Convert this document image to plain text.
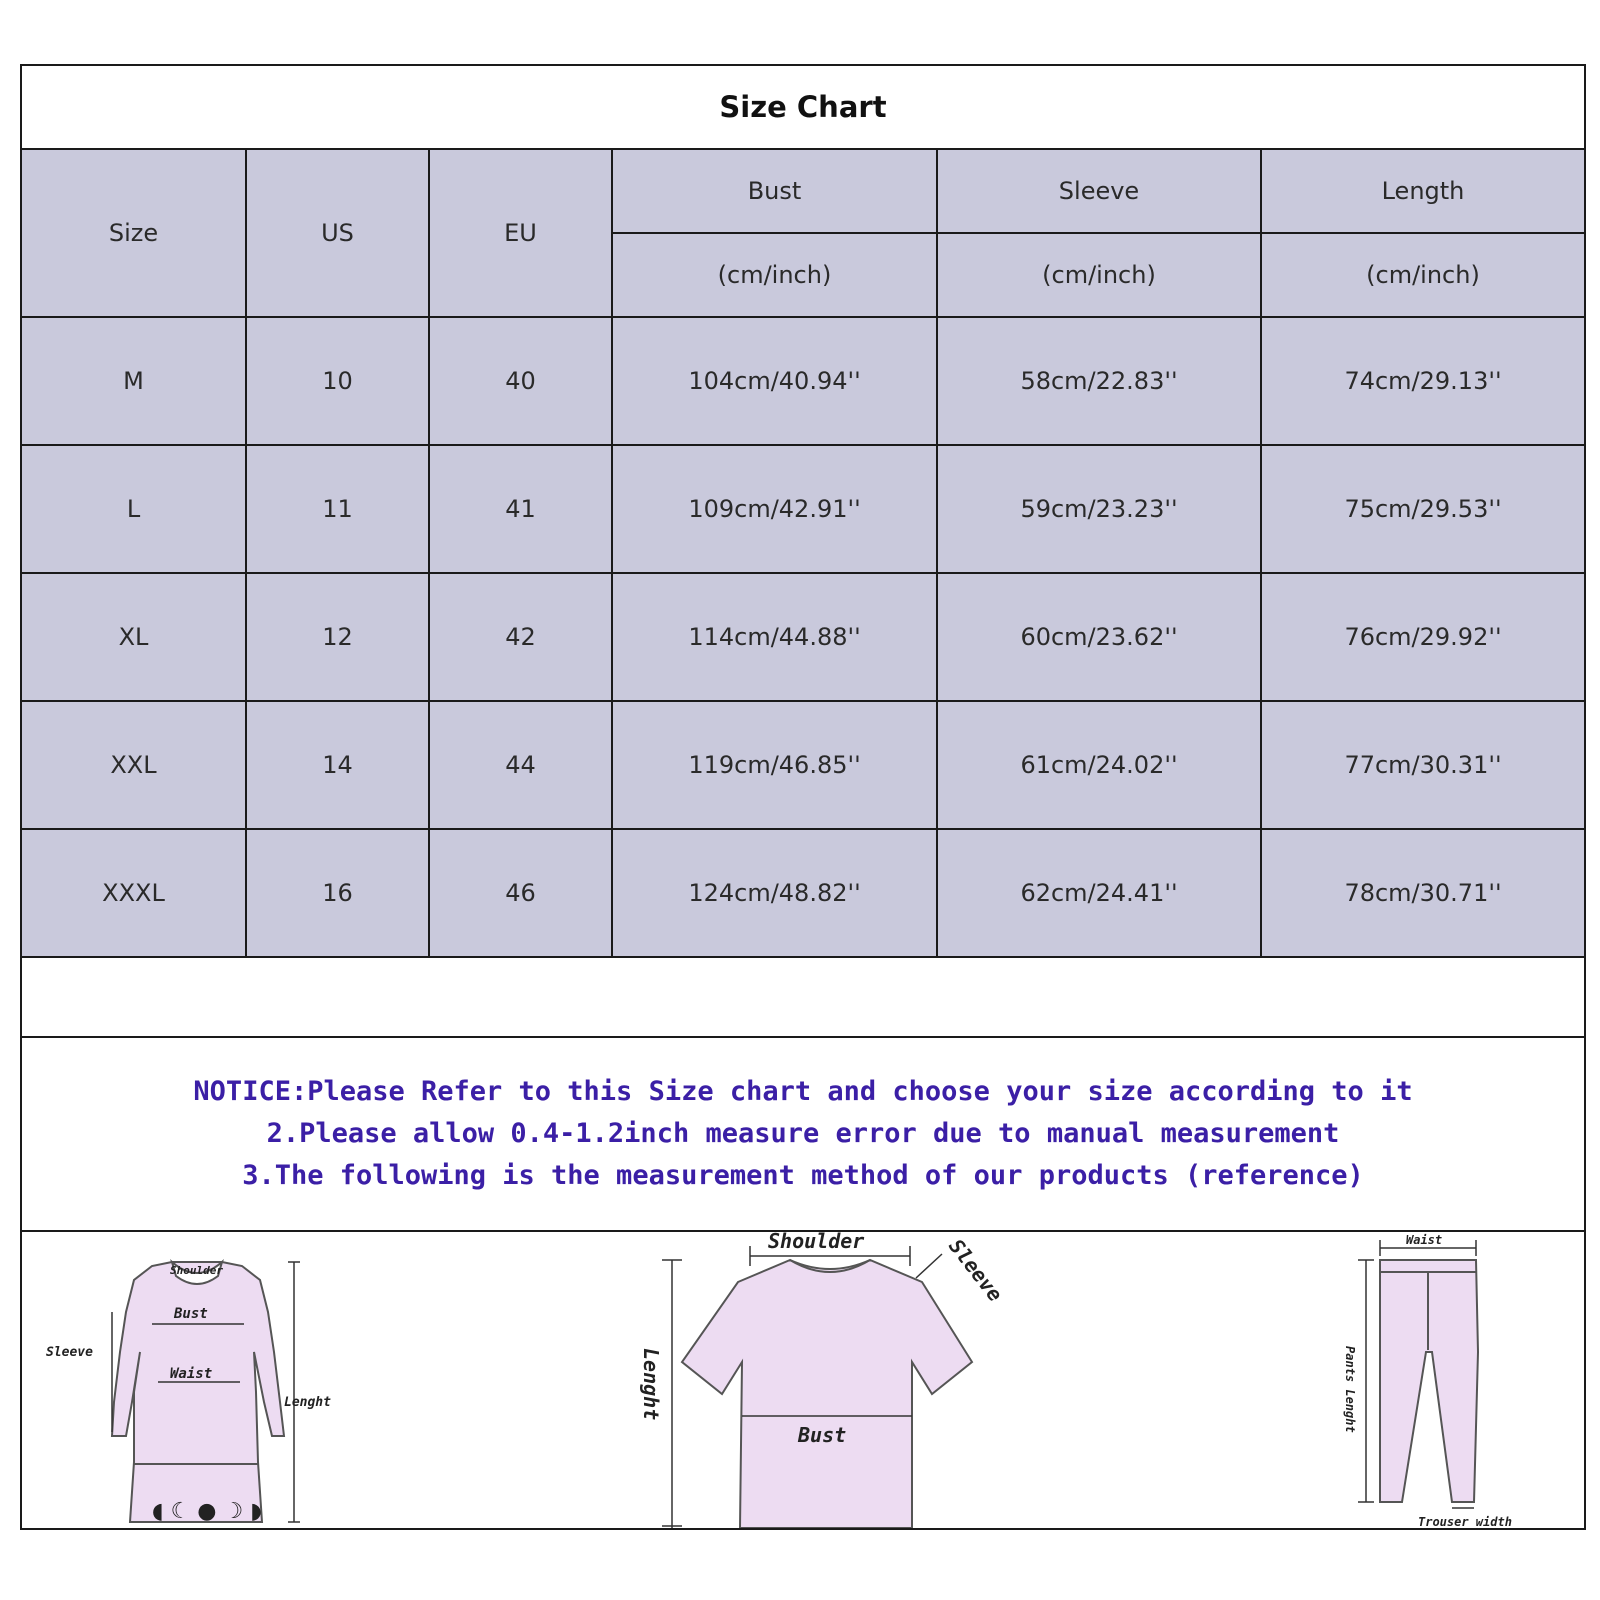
Size Chart
Size	US	EU	Bust	Sleeve	Length
			(cm/inch)	(cm/inch)	(cm/inch)
M	10	40	104cm/40.94''	58cm/22.83''	74cm/29.13''
L	11	41	109cm/42.91''	59cm/23.23''	75cm/29.53''
XL	12	42	114cm/44.88''	60cm/23.62''	76cm/29.92''
XXL	14	44	119cm/46.85''	61cm/24.02''	77cm/30.31''
XXXL	16	46	124cm/48.82''	62cm/24.41''	78cm/30.71''
NOTICE:Please Refer to this Size chart and choose your size according to it
2.Please allow 0.4-1.2inch measure error due to manual measurement
3.The following is the measurement method of our products (reference)
Shoulder
Bust
Waist
Sleeve
Lenght
◖ ☾ ● ☽ ◗
Shoulder
Bust
Sleeve
Lenght
Waist
Pants Lenght
Trouser width
